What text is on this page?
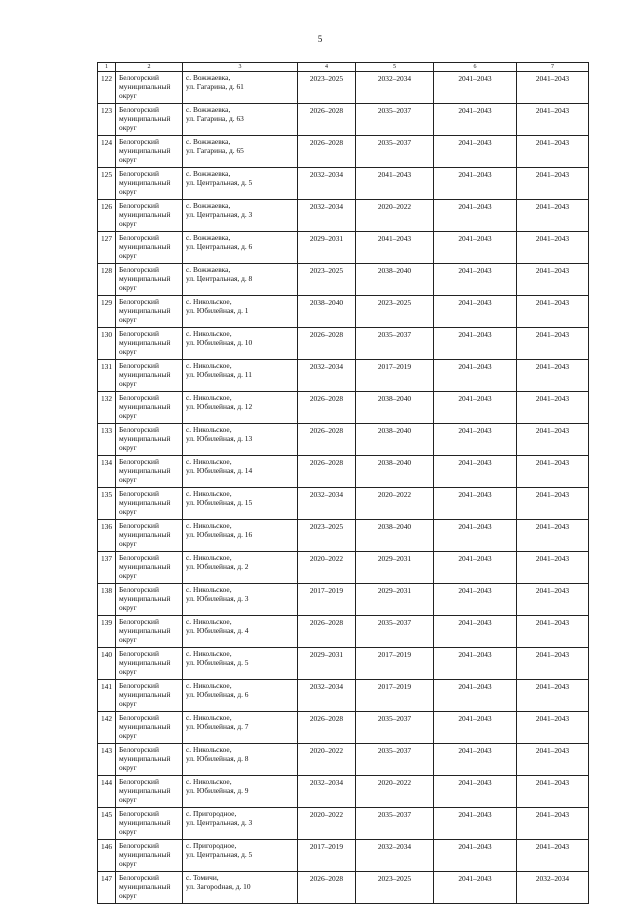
5
1	2	3	4	5	6	7
122	Белогорский
муниципальный
округ	с. Вожжаевка,
ул. Гагарина, д. 61	2023–2025	2032–2034	2041–2043	2041–2043
123	Белогорский
муниципальный
округ	с. Вожжаевка,
ул. Гагарина, д. 63	2026–2028	2035–2037	2041–2043	2041–2043
124	Белогорский
муниципальный
округ	с. Вожжаевка,
ул. Гагарина, д. 65	2026–2028	2035–2037	2041–2043	2041–2043
125	Белогорский
муниципальный
округ	с. Вожжаевка,
ул. Центральная, д. 5	2032–2034	2041–2043	2041–2043	2041–2043
126	Белогорский
муниципальный
округ	с. Вожжаевка,
ул. Центральная, д. 3	2032–2034	2020–2022	2041–2043	2041–2043
127	Белогорский
муниципальный
округ	с. Вожжаевка,
ул. Центральная, д. 6	2029–2031	2041–2043	2041–2043	2041–2043
128	Белогорский
муниципальный
округ	с. Вожжаевка,
ул. Центральная, д. 8	2023–2025	2038–2040	2041–2043	2041–2043
129	Белогорский
муниципальный
округ	с. Никольское,
ул. Юбилейная, д. 1	2038–2040	2023–2025	2041–2043	2041–2043
130	Белогорский
муниципальный
округ	с. Никольское,
ул. Юбилейная, д. 10	2026–2028	2035–2037	2041–2043	2041–2043
131	Белогорский
муниципальный
округ	с. Никольское,
ул. Юбилейная, д. 11	2032–2034	2017–2019	2041–2043	2041–2043
132	Белогорский
муниципальный
округ	с. Никольское,
ул. Юбилейная, д. 12	2026–2028	2038–2040	2041–2043	2041–2043
133	Белогорский
муниципальный
округ	с. Никольское,
ул. Юбилейная, д. 13	2026–2028	2038–2040	2041–2043	2041–2043
134	Белогорский
муниципальный
округ	с. Никольское,
ул. Юбилейная, д. 14	2026–2028	2038–2040	2041–2043	2041–2043
135	Белогорский
муниципальный
округ	с. Никольское,
ул. Юбилейная, д. 15	2032–2034	2020–2022	2041–2043	2041–2043
136	Белогорский
муниципальный
округ	с. Никольское,
ул. Юбилейная, д. 16	2023–2025	2038–2040	2041–2043	2041–2043
137	Белогорский
муниципальный
округ	с. Никольское,
ул. Юбилейная, д. 2	2020–2022	2029–2031	2041–2043	2041–2043
138	Белогорский
муниципальный
округ	с. Никольское,
ул. Юбилейная, д. 3	2017–2019	2029–2031	2041–2043	2041–2043
139	Белогорский
муниципальный
округ	с. Никольское,
ул. Юбилейная, д. 4	2026–2028	2035–2037	2041–2043	2041–2043
140	Белогорский
муниципальный
округ	с. Никольское,
ул. Юбилейная, д. 5	2029–2031	2017–2019	2041–2043	2041–2043
141	Белогорский
муниципальный
округ	с. Никольское,
ул. Юбилейная, д. 6	2032–2034	2017–2019	2041–2043	2041–2043
142	Белогорский
муниципальный
округ	с. Никольское,
ул. Юбилейная, д. 7	2026–2028	2035–2037	2041–2043	2041–2043
143	Белогорский
муниципальный
округ	с. Никольское,
ул. Юбилейная, д. 8	2020–2022	2035–2037	2041–2043	2041–2043
144	Белогорский
муниципальный
округ	с. Никольское,
ул. Юбилейная, д. 9	2032–2034	2020–2022	2041–2043	2041–2043
145	Белогорский
муниципальный
округ	с. Пригородное,
ул. Центральная, д. 3	2020–2022	2035–2037	2041–2043	2041–2043
146	Белогорский
муниципальный
округ	с. Пригородное,
ул. Центральная, д. 5	2017–2019	2032–2034	2041–2043	2041–2043
147	Белогорский
муниципальный
округ	с. Томичи,
ул. Загорodная, д. 10	2026–2028	2023–2025	2041–2043	2032–2034
